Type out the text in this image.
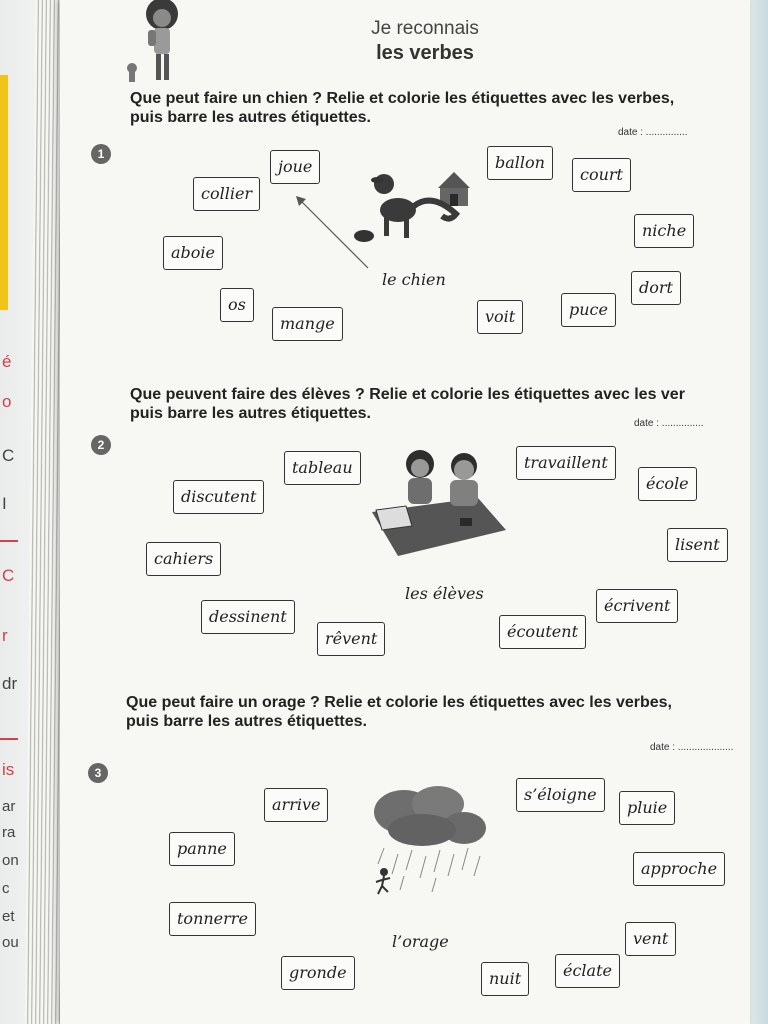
é
o
C
I
C
r
dr
is
ar
ra
on
c
et
ou
Je reconnais
les verbes
Que peut faire un chien ? Relie et colorie les étiquettes avec les verbes,
puis barre les autres étiquettes.
date : ...............
1
joue	ballon
court
collier
niche
aboie
le chien	dort
os
mange	voit	puce
Que peuvent faire des élèves ? Relie et colorie les étiquettes avec les ver
puis barre les autres étiquettes.
date : ...............
2
tableau	travaillent
discutent
école
lisent
cahiers
les élèves
écrivent
dessinent
rêvent	écoutent
Que peut faire un orage ? Relie et colorie les étiquettes avec les verbes,
puis barre les autres étiquettes.
date : ....................
3
arrive
s’éloigne
pluie
panne
approche
tonnerre
vent
l’orage
gronde	nuit	éclate
